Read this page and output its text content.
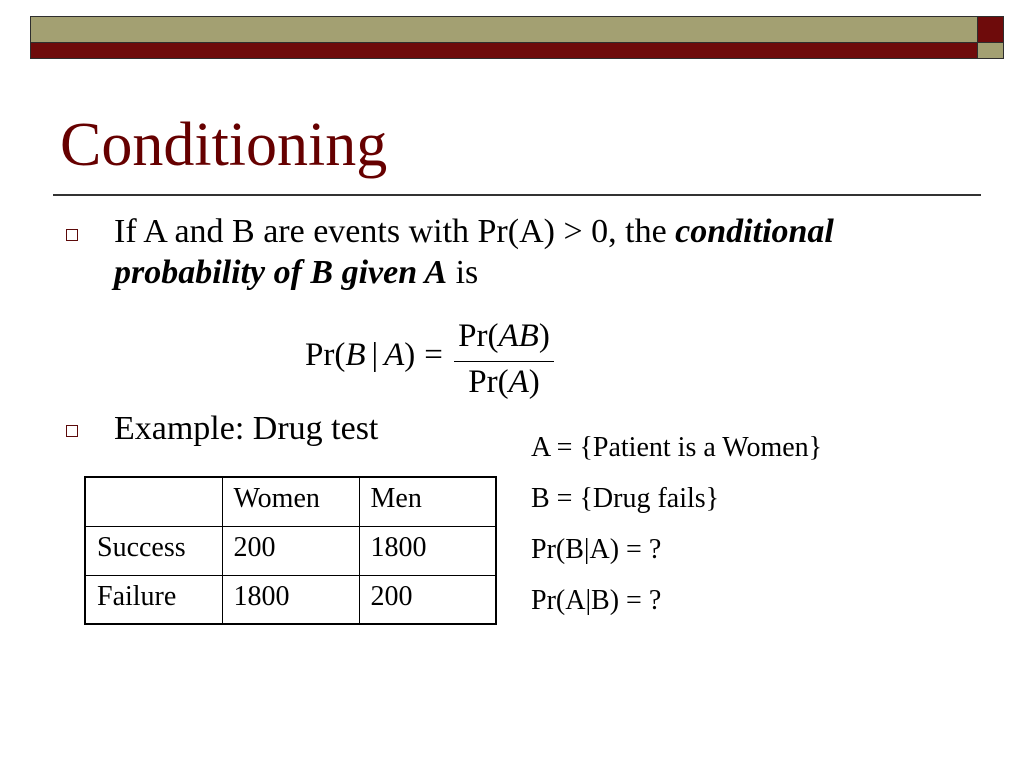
Conditioning
If A and B are events with Pr(A) > 0, the conditional
probability of B given A is
Pr(B | A) =
Pr(AB)
Pr(A)
Example: Drug test
	Women	Men
Success	200	1800
Failure	1800	200
A = {Patient is a Women}
B = {Drug fails}
Pr(B|A) = ?
Pr(A|B) = ?
